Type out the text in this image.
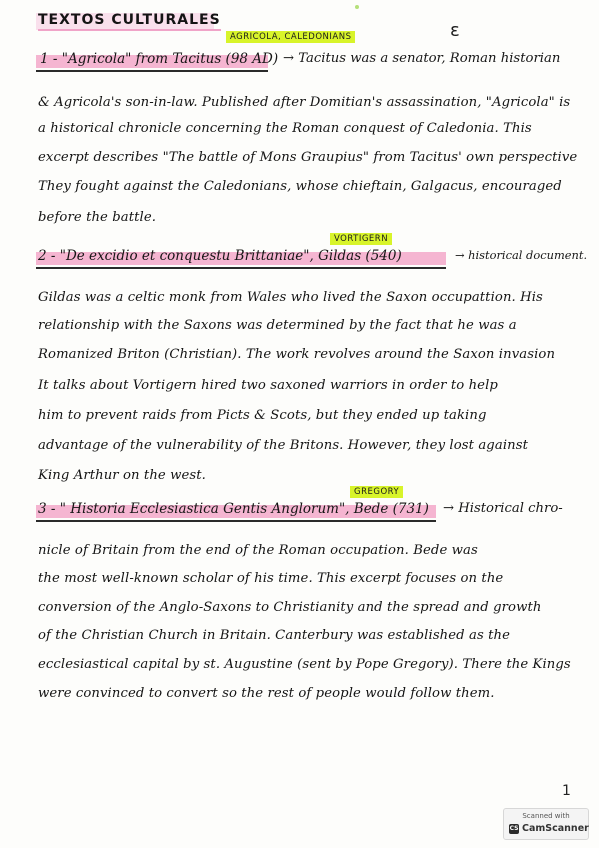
TEXTOS CULTURALES	ε
AGRICOLA, CALEDONIANS
1 - "Agricola" from Tacitus (98 AD) → Tacitus was a senator, Roman historian
& Agricola's son-in-law. Published after Domitian's assassination, "Agricola" is
a historical chronicle concerning the Roman conquest of Caledonia. This
excerpt describes "The battle of Mons Graupius" from Tacitus' own perspective
They fought against the Caledonians, whose chieftain, Galgacus, encouraged
before the battle.
VORTIGERN
2 - "De excidio et conquestu Brittaniae", Gildas (540)	→ historical document.
Gildas was a celtic monk from Wales who lived the Saxon occupattion. His
relationship with the Saxons was determined by the fact that he was a
Romanized Briton (Christian). The work revolves around the Saxon invasion
It talks about Vortigern hired two saxoned warriors in order to help
him to prevent raids from Picts & Scots, but they ended up taking
advantage of the vulnerability of the Britons. However, they lost against
King Arthur on the west.
GREGORY
3 - " Historia Ecclesiastica Gentis Anglorum", Bede (731) → Historical chro-
nicle of Britain from the end of the Roman occupation. Bede was
the most well-known scholar of his time. This excerpt focuses on the
conversion of the Anglo-Saxons to Christianity and the spread and growth
of the Christian Church in Britain. Canterbury was established as the
ecclesiastical capital by st. Augustine (sent by Pope Gregory). There the Kings
were convinced to convert so the rest of people would follow them.
1
Scanned with
CS CamScanner
